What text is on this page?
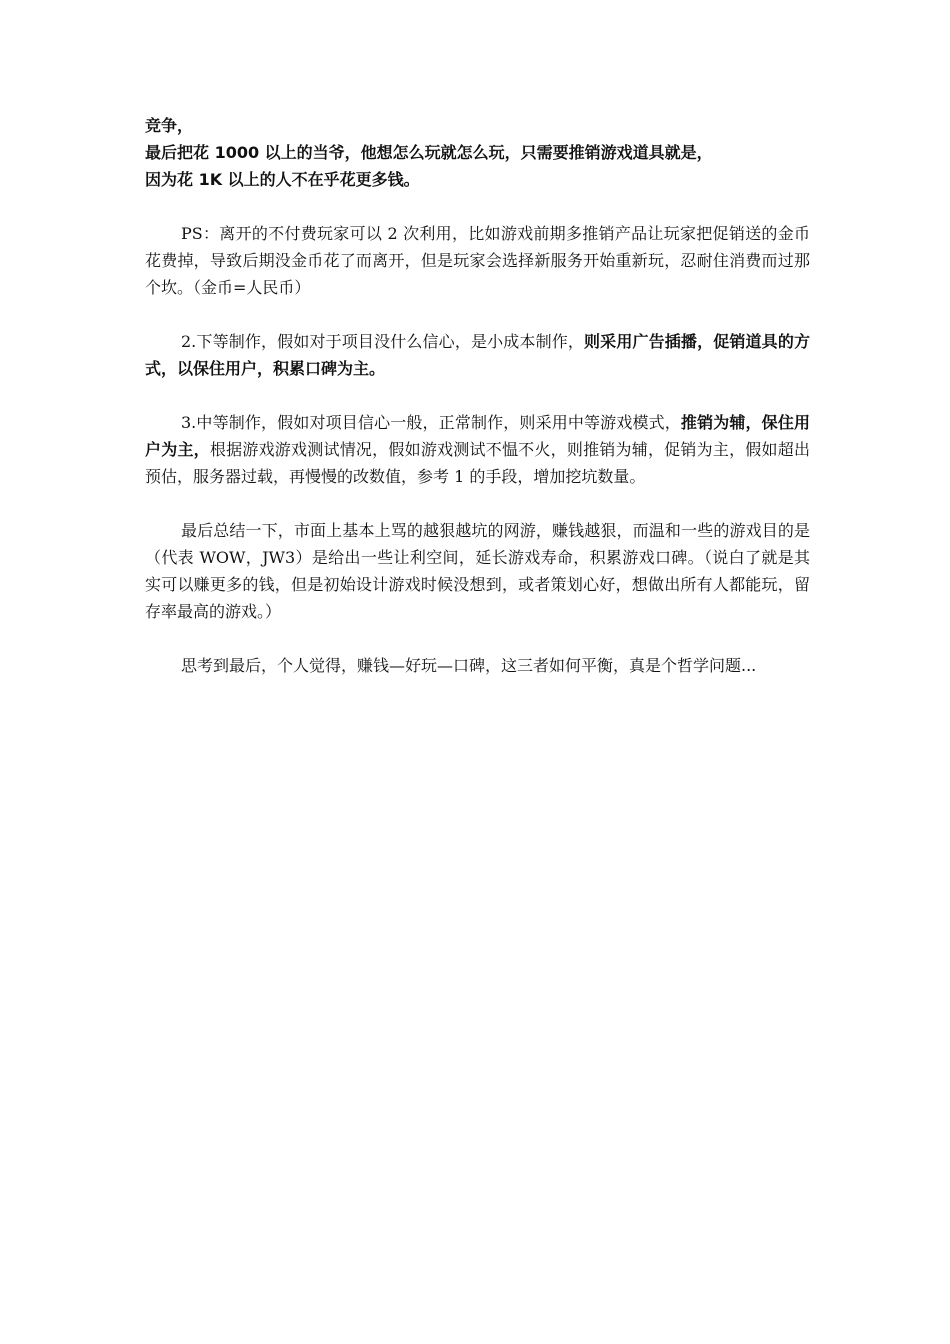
竞争，

最后把花 1000 以上的当爷，他想怎么玩就怎么玩，只需要推销游戏道具就是，

因为花 1K 以上的人不在乎花更多钱。

PS：离开的不付费玩家可以 2 次利用，比如游戏前期多推销产品让玩家把促销送的金币花费掉，导致后期没金币花了而离开，但是玩家会选择新服务开始重新玩，忍耐住消费而过那个坎。（金币=人民币）

2.下等制作，假如对于项目没什么信心，是小成本制作，则采用广告插播，促销道具的方式，以保住用户，积累口碑为主。

3.中等制作，假如对项目信心一般，正常制作，则采用中等游戏模式，推销为辅，保住用户为主，根据游戏游戏测试情况，假如游戏测试不愠不火，则推销为辅，促销为主，假如超出预估，服务器过载，再慢慢的改数值，参考 1 的手段，增加挖坑数量。

最后总结一下，市面上基本上骂的越狠越坑的网游，赚钱越狠，而温和一些的游戏目的是（代表 WOW，JW3）是给出一些让利空间，延长游戏寿命，积累游戏口碑。（说白了就是其实可以赚更多的钱，但是初始设计游戏时候没想到，或者策划心好，想做出所有人都能玩，留存率最高的游戏。）

思考到最后，个人觉得，赚钱—好玩—口碑，这三者如何平衡，真是个哲学问题...
